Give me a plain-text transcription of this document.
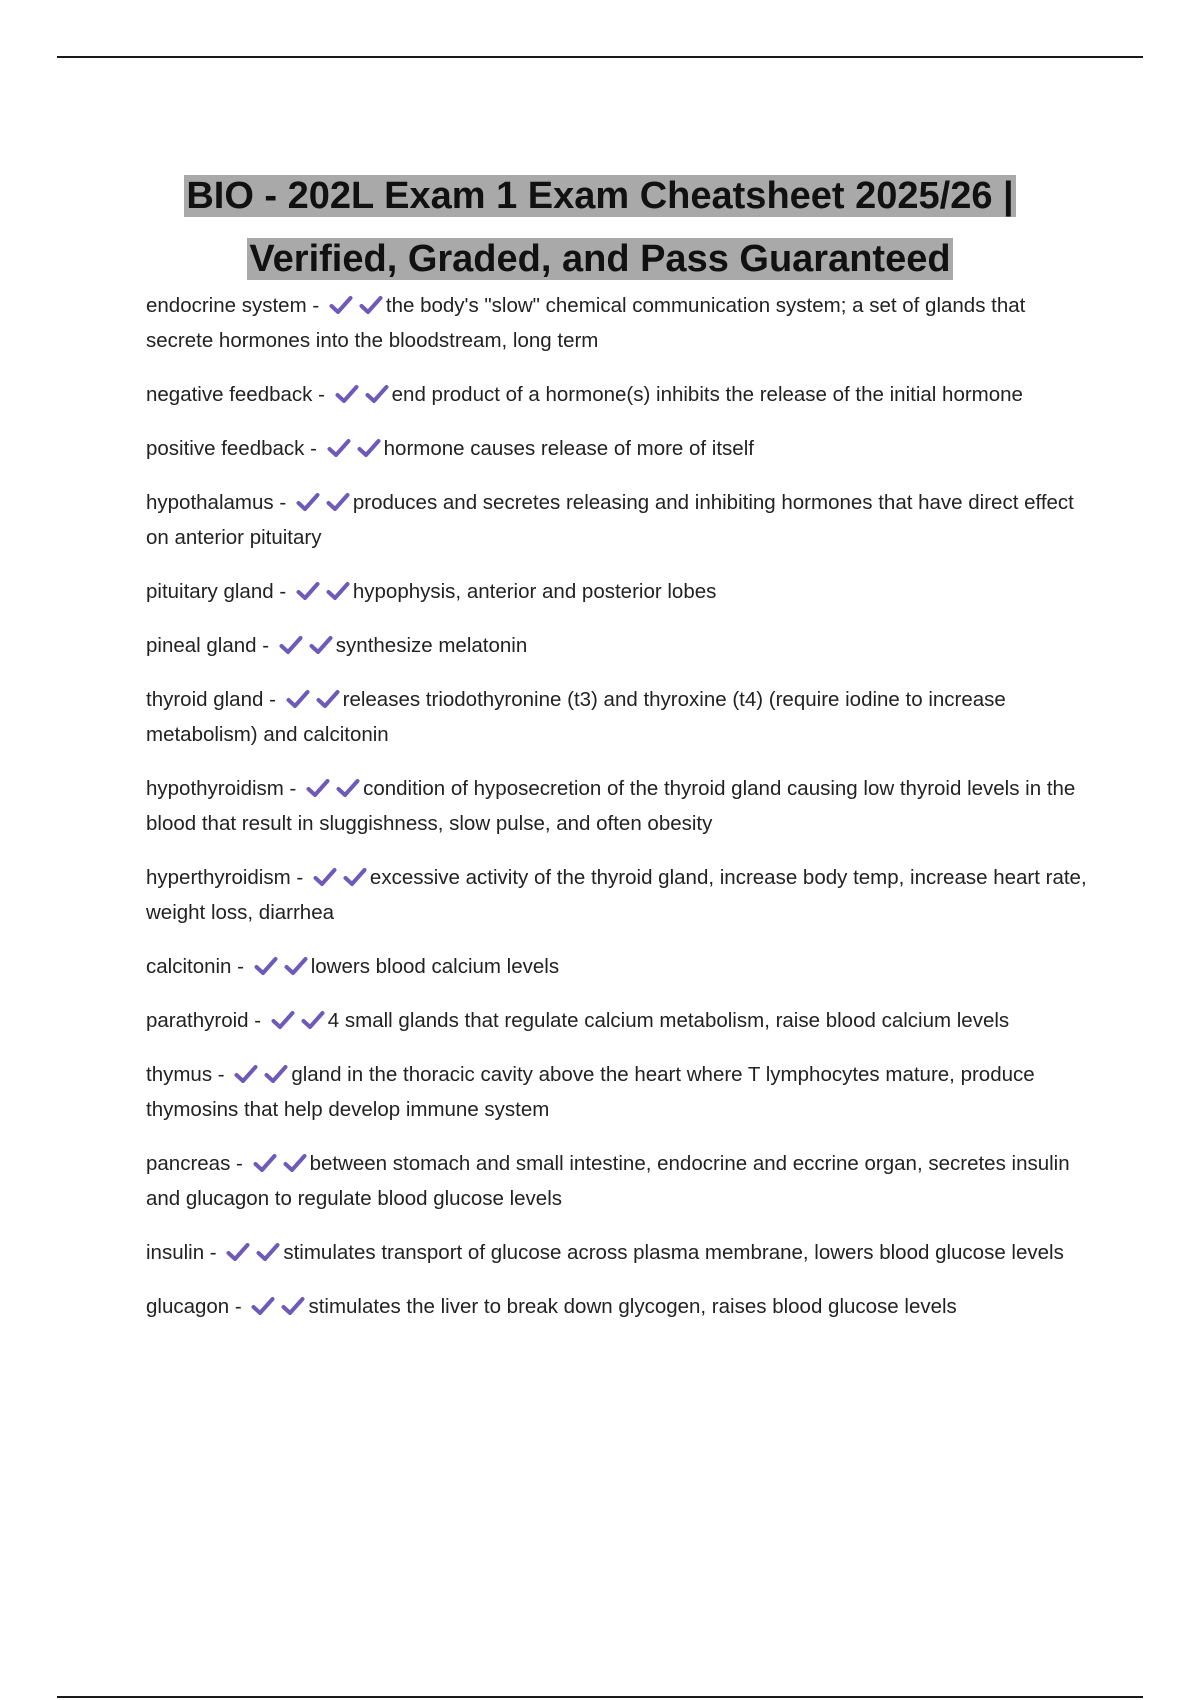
BIO - 202L Exam 1 Exam Cheatsheet 2025/26 |
Verified, Graded, and Pass Guaranteed

endocrine system -	the body's "slow" chemical communication system; a set of glands that secrete hormones into the bloodstream, long term

negative feedback -	end product of a hormone(s) inhibits the release of the initial hormone

positive feedback -	hormone causes release of more of itself

hypothalamus -	produces and secretes releasing and inhibiting hormones that have direct effect on anterior pituitary

pituitary gland -	hypophysis, anterior and posterior lobes

pineal gland -	synthesize melatonin

thyroid gland -	releases triodothyronine (t3) and thyroxine (t4) (require iodine to increase metabolism) and calcitonin

hypothyroidism -	condition of hyposecretion of the thyroid gland causing low thyroid levels in the blood that result in sluggishness, slow pulse, and often obesity

hyperthyroidism -	excessive activity of the thyroid gland, increase body temp, increase heart rate, weight loss, diarrhea

calcitonin -	lowers blood calcium levels

parathyroid -	4 small glands that regulate calcium metabolism, raise blood calcium levels

thymus -	gland in the thoracic cavity above the heart where T lymphocytes mature, produce thymosins that help develop immune system

pancreas -	between stomach and small intestine, endocrine and eccrine organ, secretes insulin and glucagon to regulate blood glucose levels

insulin -	stimulates transport of glucose across plasma membrane, lowers blood glucose levels

glucagon -	stimulates the liver to break down glycogen, raises blood glucose levels
